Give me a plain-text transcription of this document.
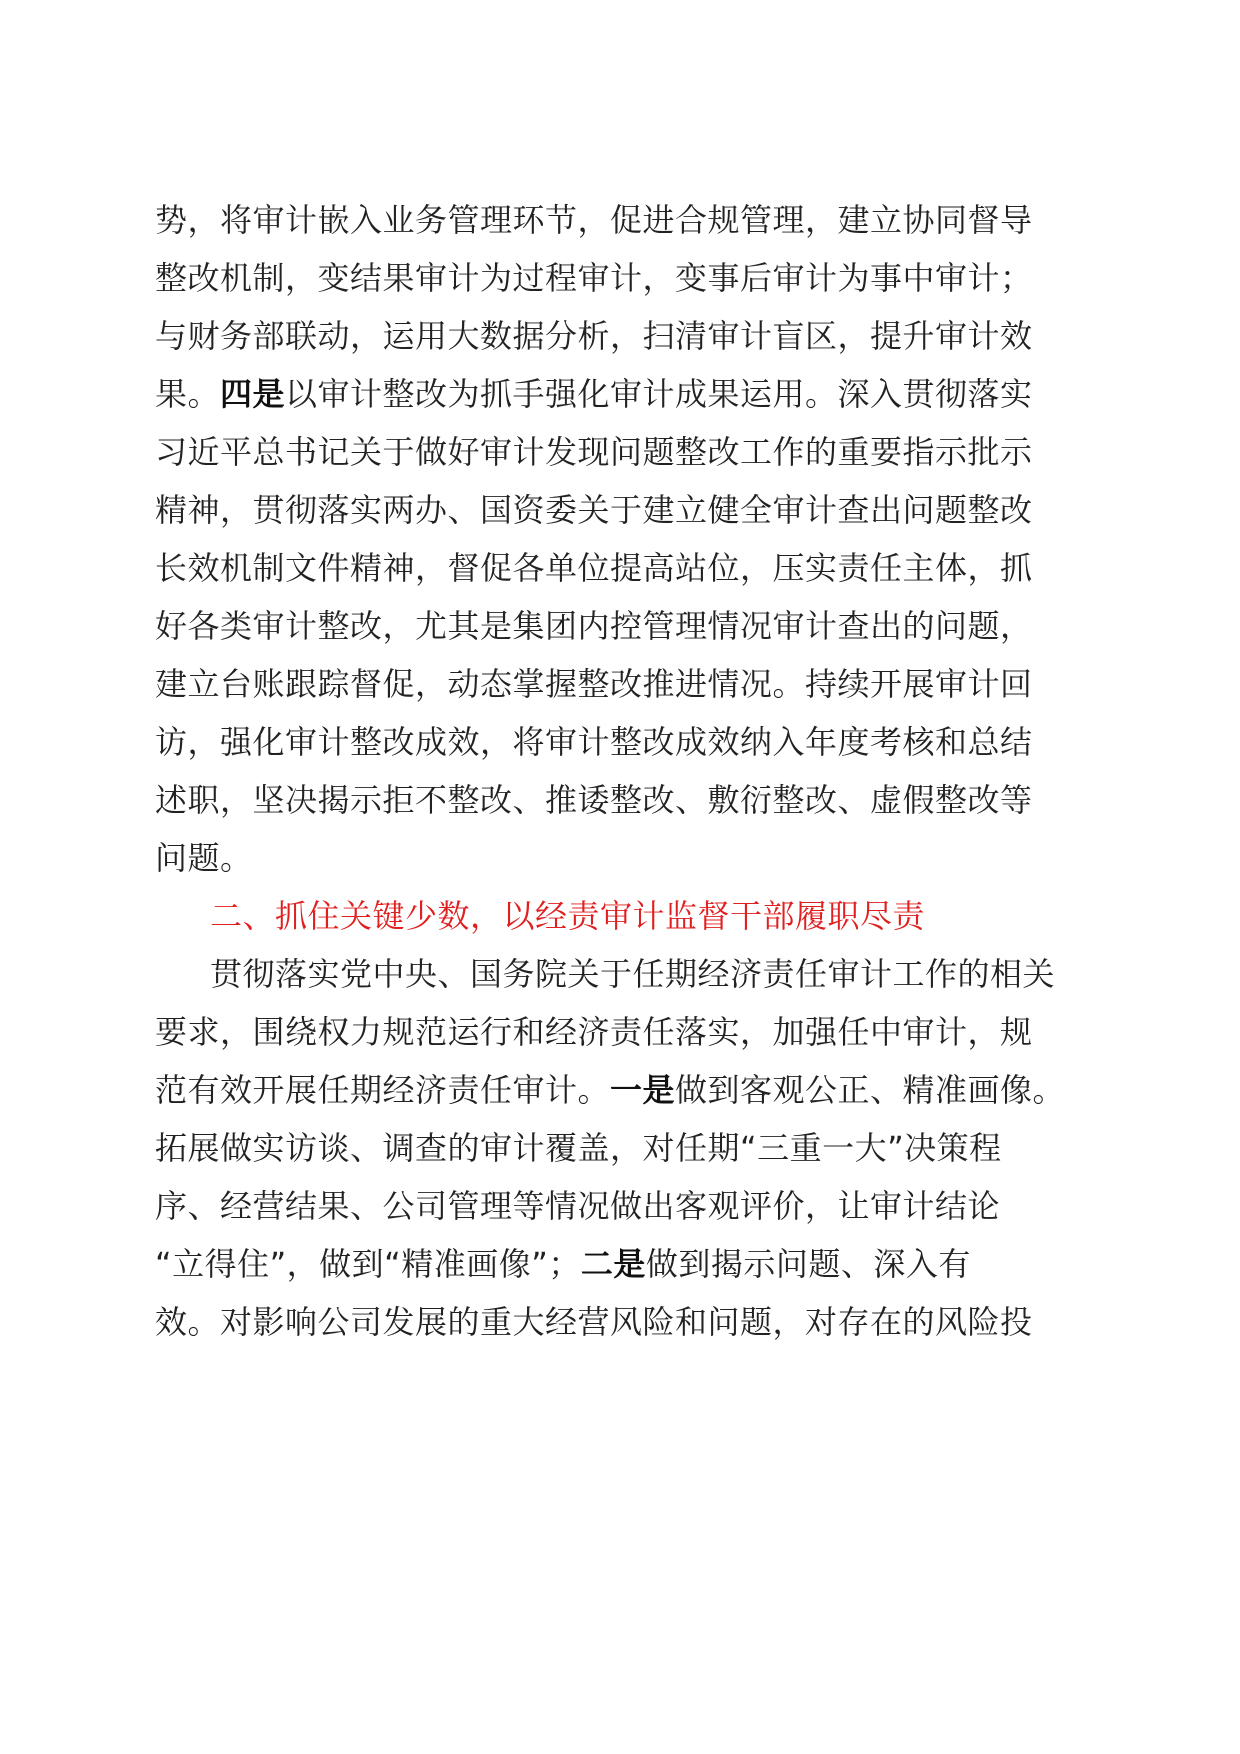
势，将审计嵌入业务管理环节，促进合规管理，建立协同督导
整改机制，变结果审计为过程审计，变事后审计为事中审计；
与财务部联动，运用大数据分析，扫清审计盲区，提升审计效
果。四是以审计整改为抓手强化审计成果运用。深入贯彻落实
习近平总书记关于做好审计发现问题整改工作的重要指示批示
精神，贯彻落实两办、国资委关于建立健全审计查出问题整改
长效机制文件精神，督促各单位提高站位，压实责任主体，抓
好各类审计整改，尤其是集团内控管理情况审计查出的问题，
建立台账跟踪督促，动态掌握整改推进情况。持续开展审计回
访，强化审计整改成效，将审计整改成效纳入年度考核和总结
述职，坚决揭示拒不整改、推诿整改、敷衍整改、虚假整改等
问题。
二、抓住关键少数，以经责审计监督干部履职尽责
贯彻落实党中央、国务院关于任期经济责任审计工作的相关
要求，围绕权力规范运行和经济责任落实，加强任中审计，规
范有效开展任期经济责任审计。一是做到客观公正、精准画像。
拓展做实访谈、调查的审计覆盖，对任期“三重一大”决策程
序、经营结果、公司管理等情况做出客观评价，让审计结论
“立得住”，做到“精准画像”；二是做到揭示问题、深入有
效。对影响公司发展的重大经营风险和问题，对存在的风险投
